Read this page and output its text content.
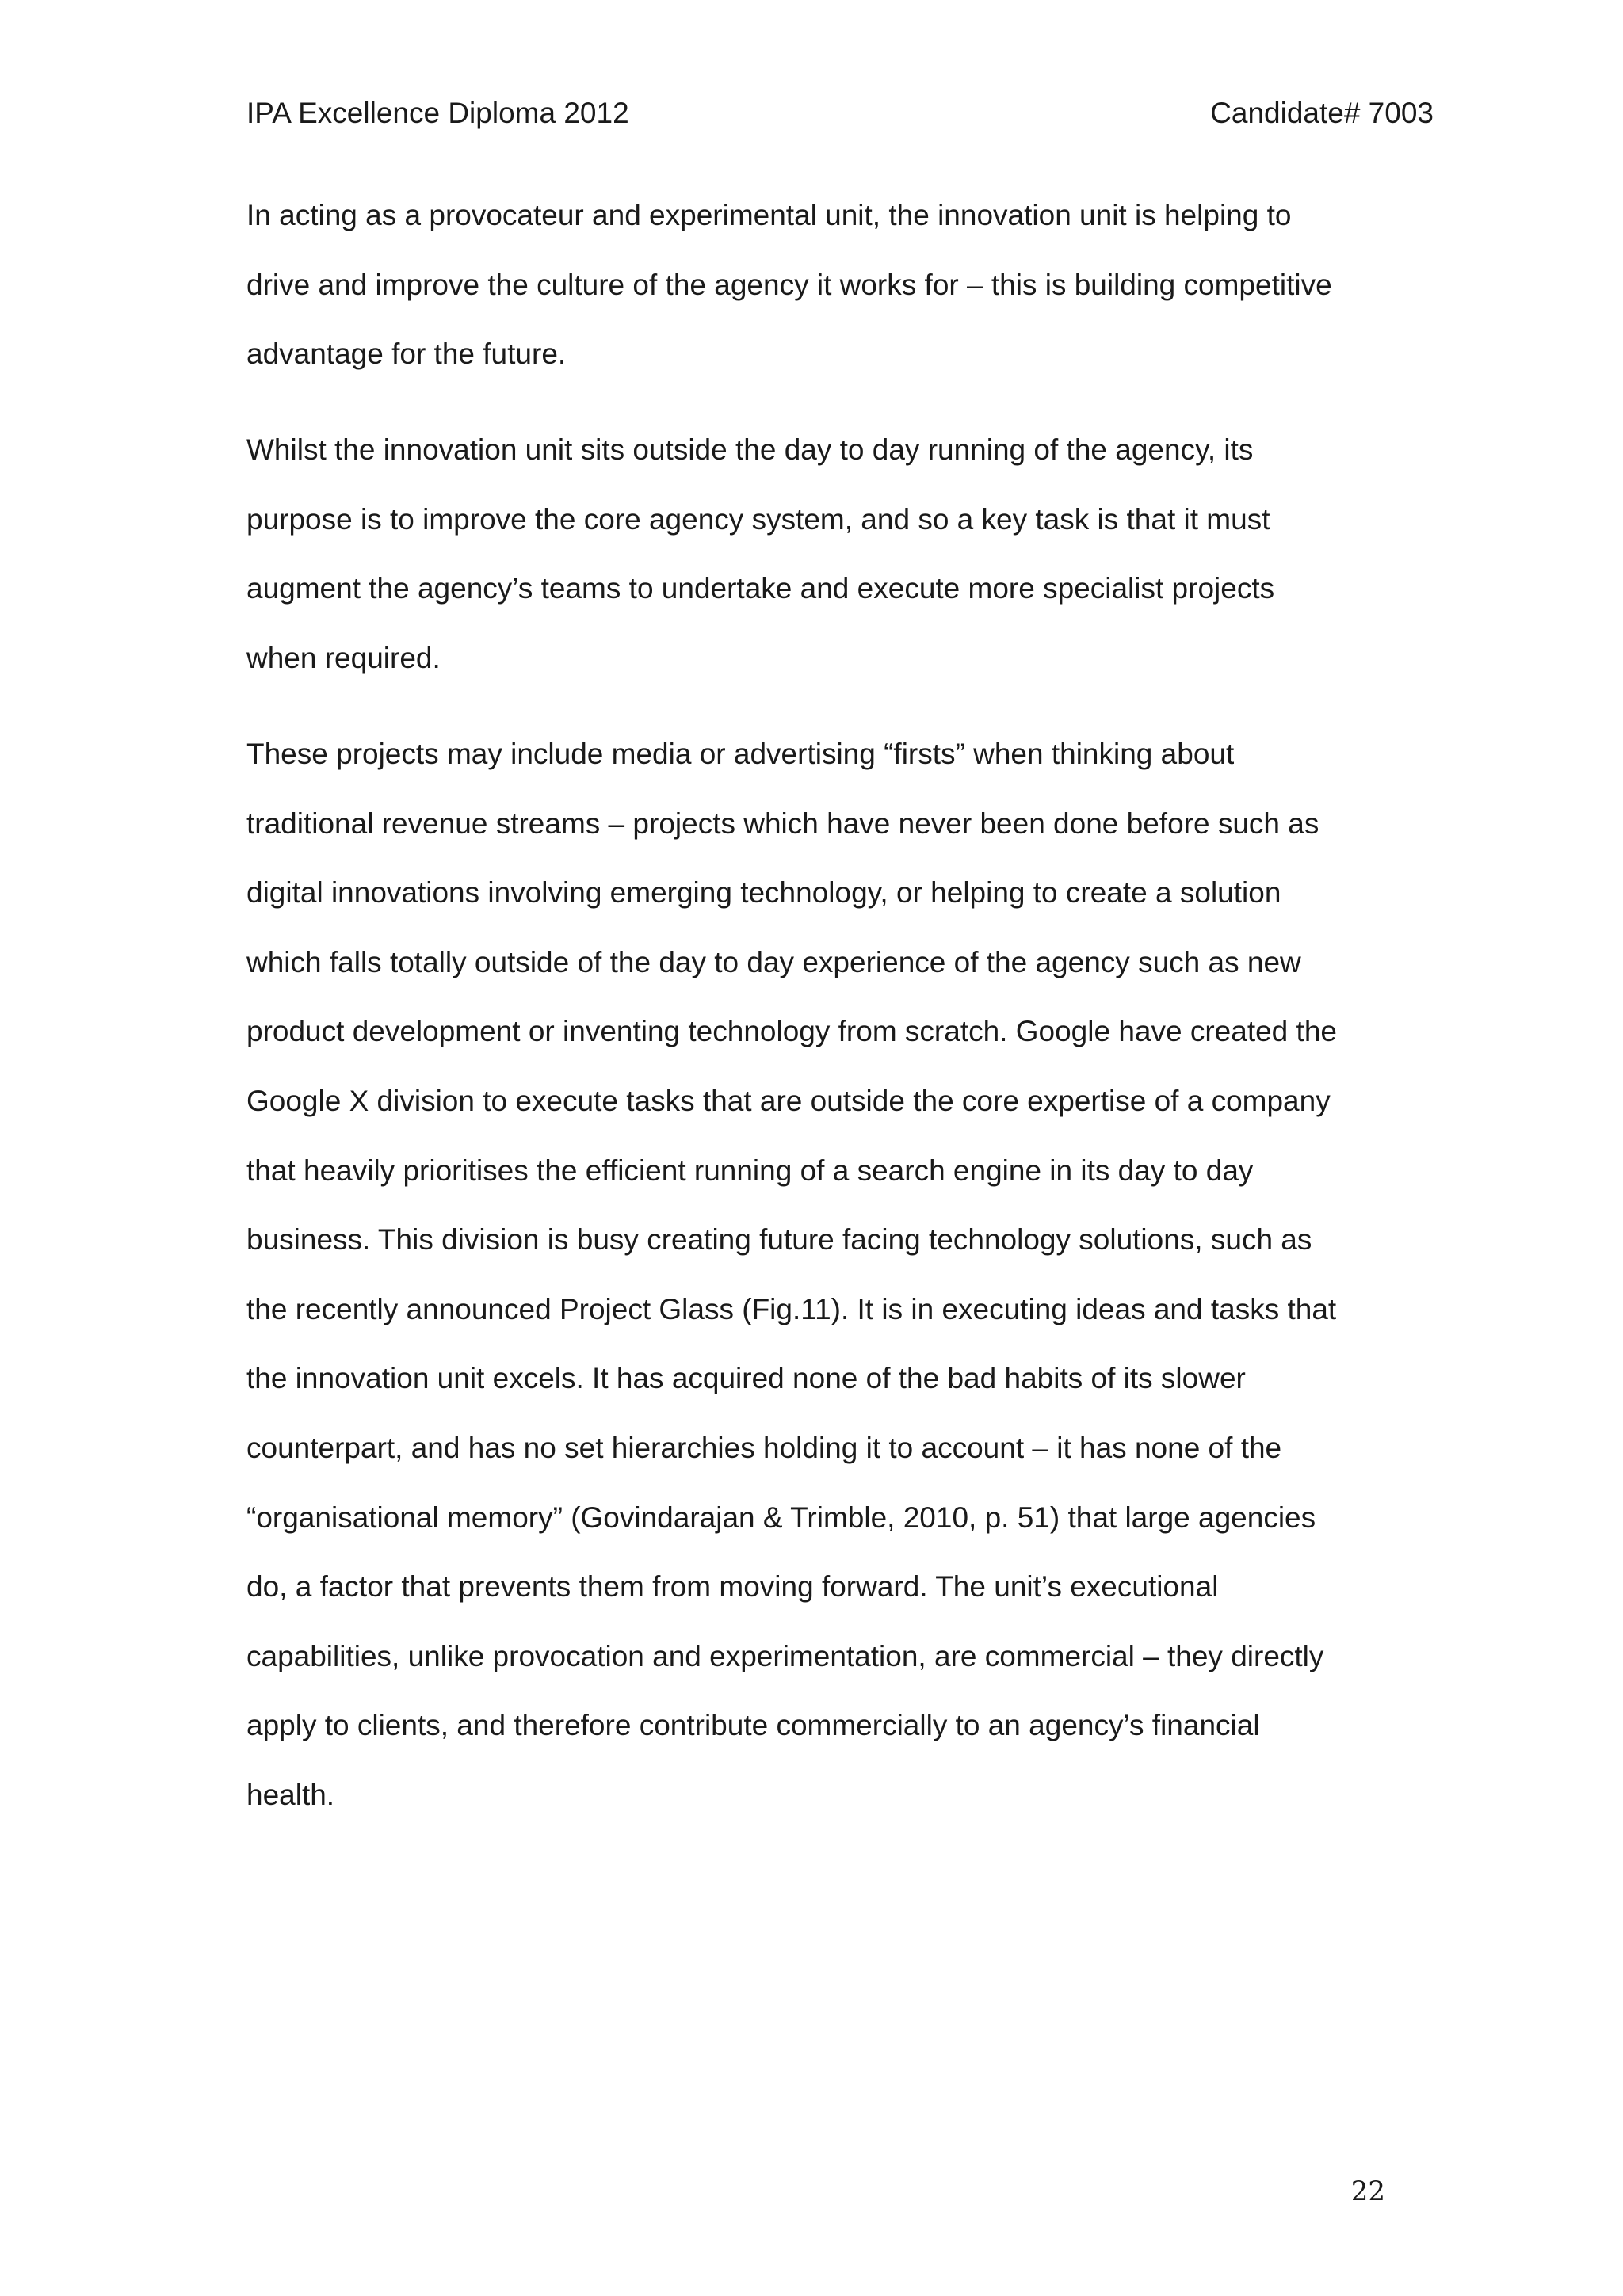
IPA Excellence Diploma 2012	Candidate# 7003
In acting as a provocateur and experimental unit, the innovation unit is helping to
drive and improve the culture of the agency it works for – this is building competitive
advantage for the future.
Whilst the innovation unit sits outside the day to day running of the agency, its
purpose is to improve the core agency system, and so a key task is that it must
augment the agency’s teams to undertake and execute more specialist projects
when required.
These projects may include media or advertising “firsts” when thinking about
traditional revenue streams – projects which have never been done before such as
digital innovations involving emerging technology, or helping to create a solution
which falls totally outside of the day to day experience of the agency such as new
product development or inventing technology from scratch. Google have created the
Google X division to execute tasks that are outside the core expertise of a company
that heavily prioritises the efficient running of a search engine in its day to day
business. This division is busy creating future facing technology solutions, such as
the recently announced Project Glass (Fig.11). It is in executing ideas and tasks that
the innovation unit excels. It has acquired none of the bad habits of its slower
counterpart, and has no set hierarchies holding it to account – it has none of the
“organisational memory” (Govindarajan & Trimble, 2010, p. 51) that large agencies
do, a factor that prevents them from moving forward. The unit’s executional
capabilities, unlike provocation and experimentation, are commercial – they directly
apply to clients, and therefore contribute commercially to an agency’s financial
health.
22
